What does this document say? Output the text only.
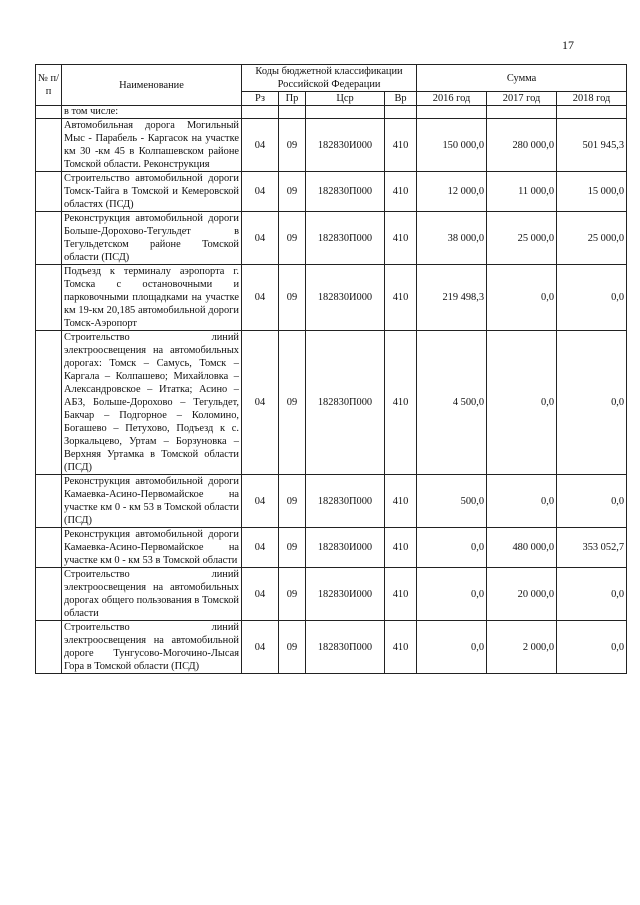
17
№ п/п	Наименование	Коды бюджетной классификации Российской Федерации				Сумма		
		Рз	Пр	Цср	Вр	2016 год	2017 год	2018 год
	в том числе:							
	Автомобильная дорога Могильный Мыс - Парабель - Каргасок на участке км 30 -км 45 в Колпашевском районе Томской области. Реконструкция	04	09	182830И000	410	150 000,0	280 000,0	501 945,3
	Строительство автомобильной дороги Томск-Тайга в Томской и Кемеровской областях (ПСД)	04	09	182830П000	410	12 000,0	11 000,0	15 000,0
	Реконструкция автомобильной дороги Больше-Дорохово-Тегульдет в Тегульдетском районе Томской области (ПСД)	04	09	182830П000	410	38 000,0	25 000,0	25 000,0
	Подъезд к терминалу аэропорта г. Томска с остановочными и парковочными площадками на участке км 19-км 20,185 автомобильной дороги Томск-Аэропорт	04	09	182830И000	410	219 498,3	0,0	0,0
	Строительство линий электроосвещения на автомобильных дорогах: Томск – Самусь, Томск – Каргала – Колпашево; Михайловка – Александровское – Итатка; Асино – АБЗ, Больше-Дорохово – Тегульдет, Бакчар – Подгорное – Коломино, Богашево – Петухово, Подъезд к с. Зоркальцево, Уртам – Борзуновка – Верхняя Уртамка в Томской области (ПСД)	04	09	182830П000	410	4 500,0	0,0	0,0
	Реконструкция автомобильной дороги Камаевка-Асино-Первомайское на участке км 0 - км 53 в Томской области (ПСД)	04	09	182830П000	410	500,0	0,0	0,0
	Реконструкция автомобильной дороги Камаевка-Асино-Первомайское на участке км 0 - км 53 в Томской области	04	09	182830И000	410	0,0	480 000,0	353 052,7
	Строительство линий электроосвещения на автомобильных дорогах общего пользования в Томской области	04	09	182830И000	410	0,0	20 000,0	0,0
	Строительство линий электроосвещения на автомобильной дороге Тунгусово-Могочино-Лысая Гора в Томской области (ПСД)	04	09	182830П000	410	0,0	2 000,0	0,0
